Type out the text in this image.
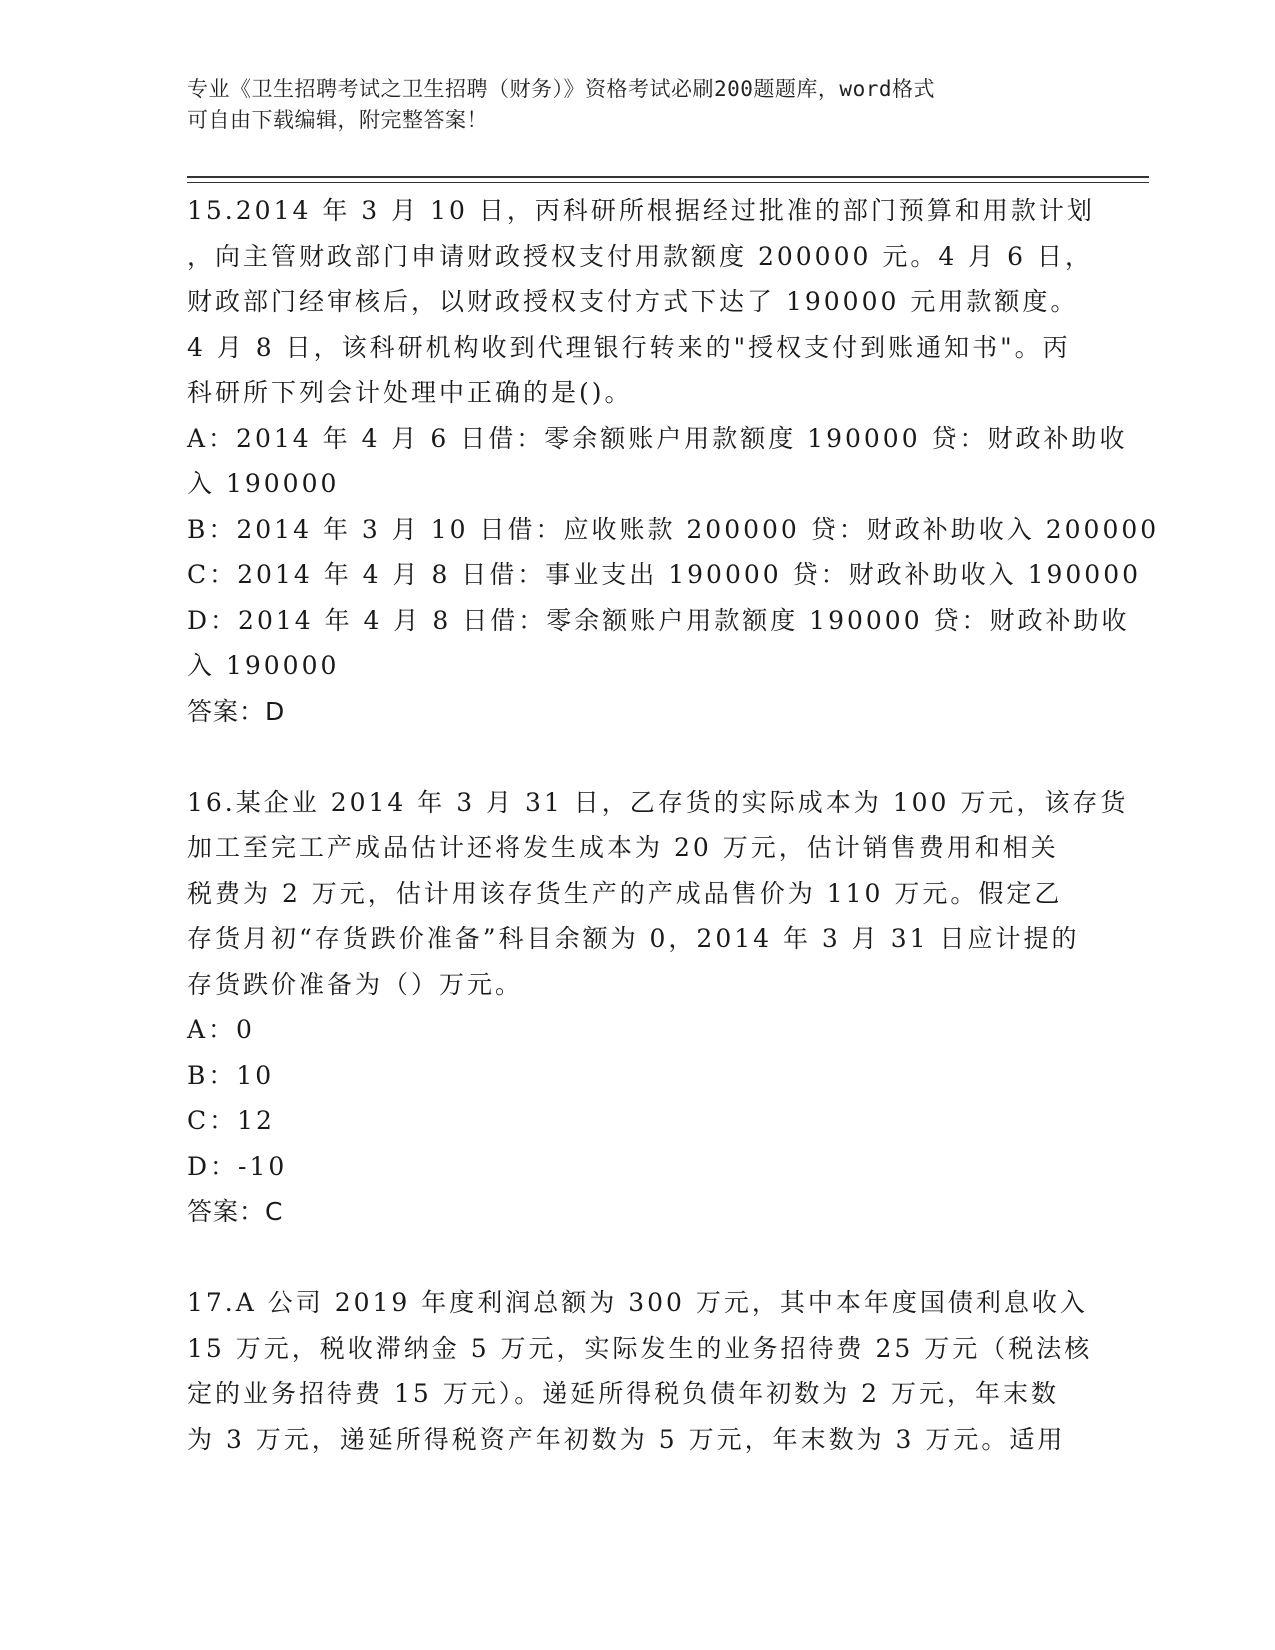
专业《卫生招聘考试之卫生招聘（财务）》资格考试必刷200题题库，word格式
可自由下载编辑，附完整答案！
15.2014 年 3 月 10 日，丙科研所根据经过批准的部门预算和用款计划
，向主管财政部门申请财政授权支付用款额度 200000 元。4 月 6 日，
财政部门经审核后，以财政授权支付方式下达了 190000 元用款额度。
4 月 8 日，该科研机构收到代理银行转来的"授权支付到账通知书"。丙
科研所下列会计处理中正确的是()。
A：2014 年 4 月 6 日借：零余额账户用款额度 190000 贷：财政补助收
入 190000
B：2014 年 3 月 10 日借：应收账款 200000 贷：财政补助收入 200000
C：2014 年 4 月 8 日借：事业支出 190000 贷：财政补助收入 190000
D：2014 年 4 月 8 日借：零余额账户用款额度 190000 贷：财政补助收
入 190000
答案：D
16.某企业 2014 年 3 月 31 日，乙存货的实际成本为 100 万元，该存货
加工至完工产成品估计还将发生成本为 20 万元，估计销售费用和相关
税费为 2 万元，估计用该存货生产的产成品售价为 110 万元。假定乙
存货月初“存货跌价准备”科目余额为 0，2014 年 3 月 31 日应计提的
存货跌价准备为（）万元。
A：0
B：10
C：12
D：-10
答案：C
17.A 公司 2019 年度利润总额为 300 万元，其中本年度国债利息收入
15 万元，税收滞纳金 5 万元，实际发生的业务招待费 25 万元（税法核
定的业务招待费 15 万元）。递延所得税负债年初数为 2 万元，年末数
为 3 万元，递延所得税资产年初数为 5 万元，年末数为 3 万元。适用
